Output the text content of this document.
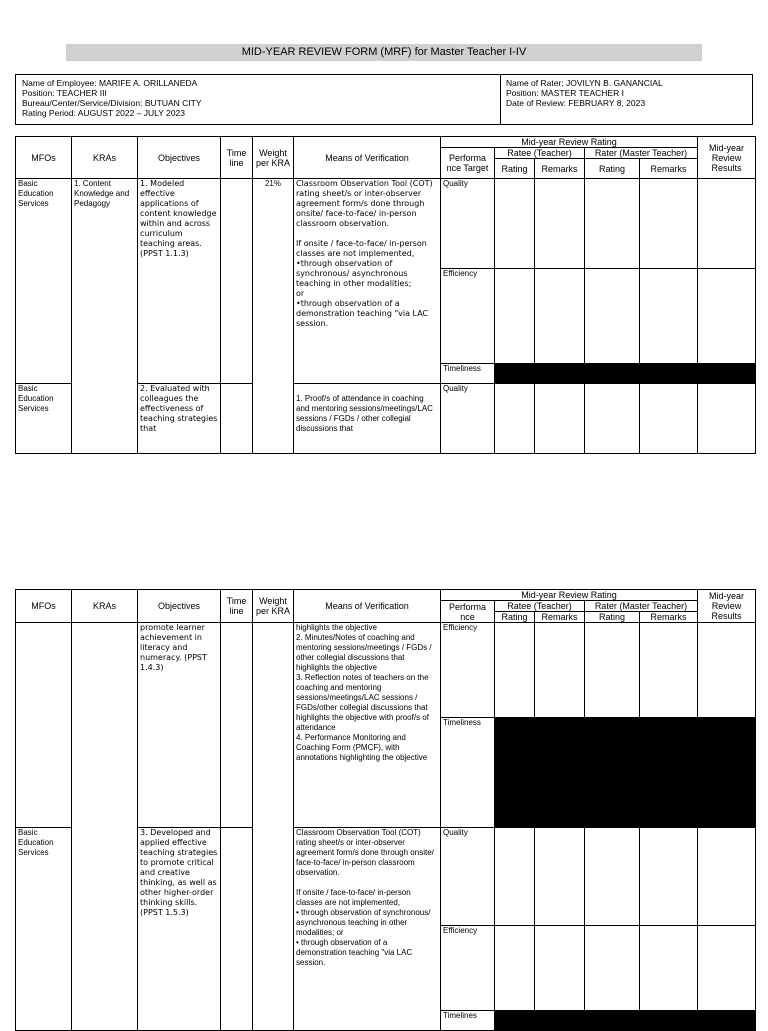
MID-YEAR REVIEW FORM (MRF) for Master Teacher I-IV
Name of Employee: MARIFE A. ORILLANEDA
Position: TEACHER III
Bureau/Center/Service/Division: BUTUAN CITY
Rating Period: AUGUST 2022 – JULY 2023
Name of Rater: JOVILYN B. GANANCIAL
Position: MASTER TEACHER I
Date of Review: FEBRUARY 8, 2023
MFOs	KRAs	Objectives	Time line	Weight per KRA	Means of Verification	Mid-year Review Rating					Mid-year Review Results
						Performa nce Target	Ratee (Teacher)		Rater (Master Teacher)		
							Rating	Remarks	Rating	Remarks	
Basic Education Services	1. Content Knowledge and Pedagogy	1. Modeled effective applications of content knowledge within and across curriculum teaching areas. (PPST 1.1.3)		21%	Classroom Observation Tool (COT) rating sheet/s or inter-observer agreement form/s done through onsite/ face-to-face/ in-person classroom observation.

If onsite / face-to-face/ in-person classes are not implemented,
•through observation of synchronous/ asynchronous teaching in other modalities;
or
•through observation of a demonstration teaching "via LAC session.	Quality					
						Efficiency					
						Timeliness					
Basic Education Services		2. Evaluated with colleagues the effectiveness of teaching strategies that			1. Proof/s of attendance in coaching and mentoring sessions/meetings/LAC sessions / FGDs / other collegial discussions that	Quality					
MFOs	KRAs	Objectives	Time line	Weight per KRA	Means of Verification	Mid-year Review Rating					Mid-year Review Results
						Performa nce	Ratee (Teacher)		Rater (Master Teacher)		
							Rating	Remarks	Rating	Remarks	
		promote learner achievement in literacy and numeracy. (PPST 1.4.3)			highlights the objective
2. Minutes/Notes of coaching and mentoring sessions/meetings / FGDs / other collegial discussions that highlights the objective
3. Reflection notes of teachers on the coaching and mentoring sessions/meetings/LAC sessions / FGDs/other collegial discussions that highlights the objective with proof/s of attendance
4. Performance Monitoring and Coaching Form (PMCF), with annotations highlighting the objective	Efficiency					
						Timeliness					
Basic Education Services		3. Developed and applied effective teaching strategies to promote critical and creative thinking, as well as other higher-order thinking skills. (PPST 1.5.3)			Classroom Observation Tool (COT) rating sheet/s or inter-observer agreement form/s done through onsite/ face-to-face/ in-person classroom observation.

If onsite / face-to-face/ in-person classes are not implemented,
• through observation of synchronous/ asynchronous teaching in other modalities; or
• through observation of a demonstration teaching "via LAC session.	Quality					
						Efficiency					
						Timelines					
